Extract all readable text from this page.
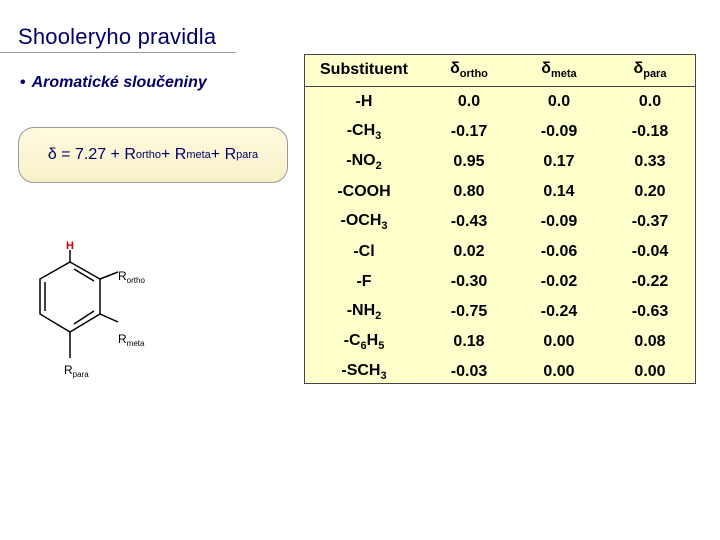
Shooleryho pravidla
• Aromatické sloučeniny
δ = 7.27 + R ortho + R meta + R para
H
$R_{ortho}$
$R_{meta}$
$R_{para}$
Substituent	$\delta_{ortho}$	$\delta_{meta}$	$\delta_{para}$
-H	0.0	0.0	0.0
$-CH_3$	-0.17	-0.09	-0.18
$-NO_2$	0.95	0.17	0.33
-COOH	0.80	0.14	0.20
$-OCH_3$	-0.43	-0.09	-0.37
-Cl	0.02	-0.06	-0.04
-F	-0.30	-0.02	-0.22
$-NH_2$	-0.75	-0.24	-0.63
$-C_6H_5$	0.18	0.00	0.08
$-SCH_3$	-0.03	0.00	0.00
